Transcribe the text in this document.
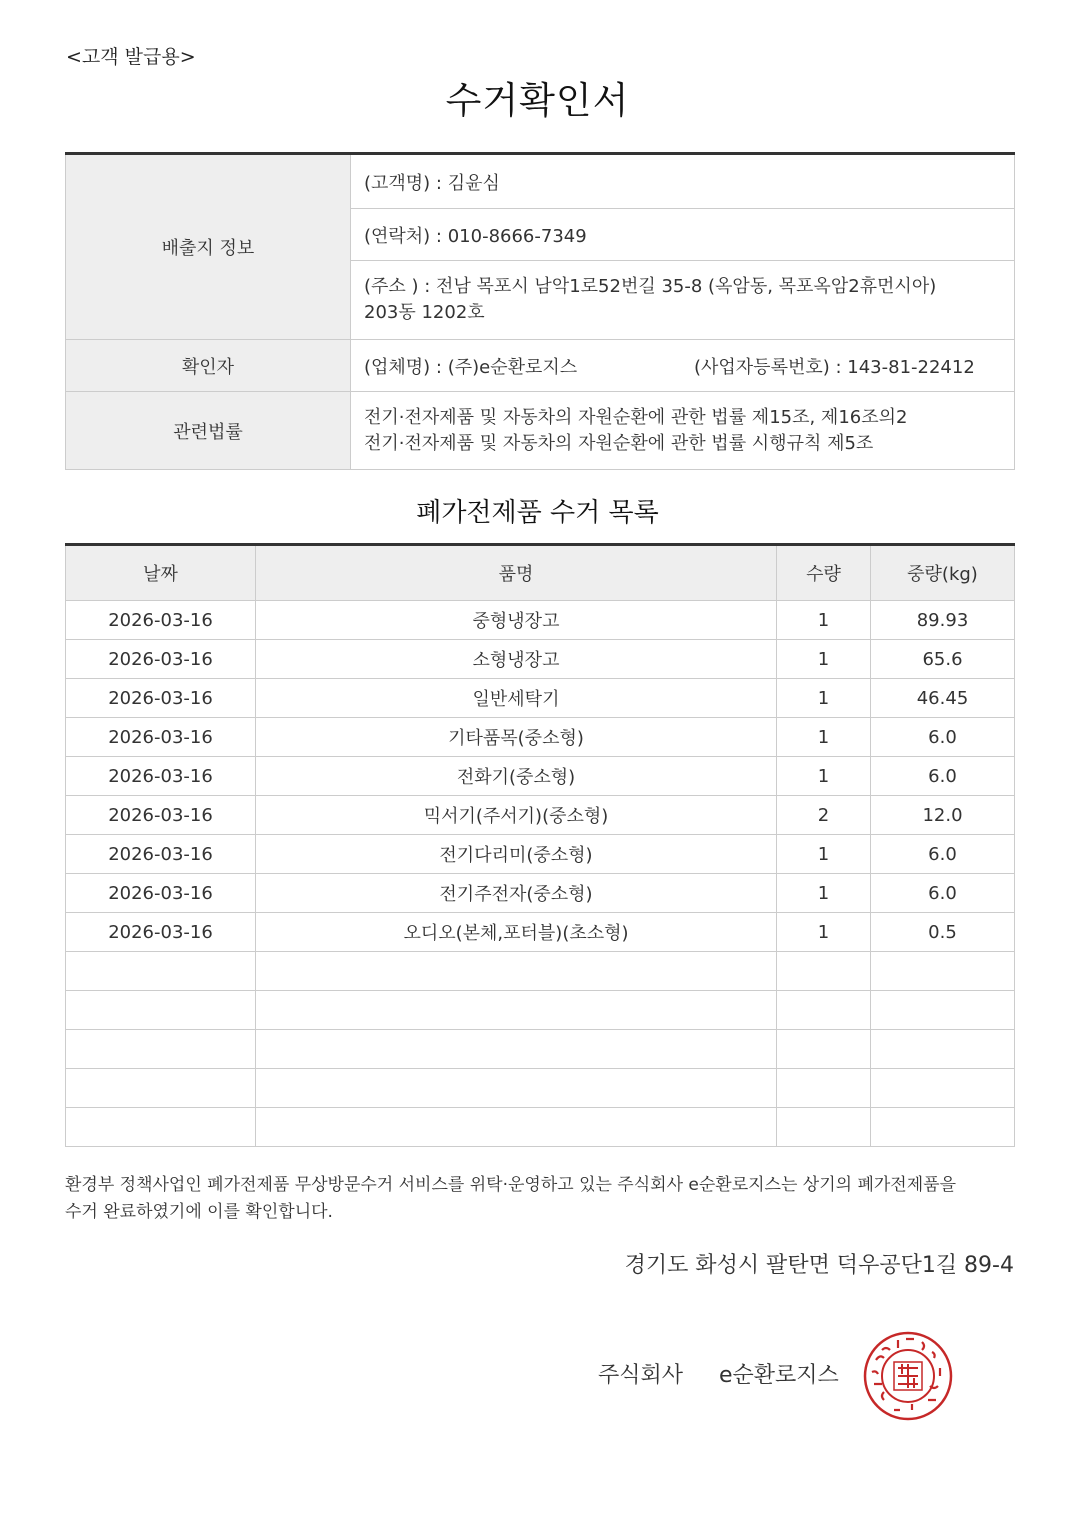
<고객 발급용>
수거확인서
배출지 정보	(고객명) : 김윤심
	(연락처) : 010-8666-7349

	(주소 ) : 전남 목포시 남악1로52번길 35-8 (옥암동, 목포옥암2휴먼시아)
203동 1202호

확인자	(업체명) : (주)e순환로지스 (사업자등록번호) : 143-81-22412

관련법률	전기·전자제품 및 자동차의 자원순환에 관한 법률 제15조, 제16조의2
전기·전자제품 및 자동차의 자원순환에 관한 법률 시행규칙 제5조
폐가전제품 수거 목록
날짜	품명	수량	중량(kg)
2026-03-16	중형냉장고	1	89.93
2026-03-16	소형냉장고	1	65.6
2026-03-16	일반세탁기	1	46.45
2026-03-16	기타품목(중소형)	1	6.0
2026-03-16	전화기(중소형)	1	6.0
2026-03-16	믹서기(주서기)(중소형)	2	12.0
2026-03-16	전기다리미(중소형)	1	6.0
2026-03-16	전기주전자(중소형)	1	6.0
2026-03-16	오디오(본체,포터블)(초소형)	1	0.5

환경부 정책사업인 폐가전제품 무상방문수거 서비스를 위탁·운영하고 있는 주식회사 e순환로지스는 상기의 폐가전제품을
수거 완료하였기에 이를 확인합니다.
경기도 화성시 팔탄면 덕우공단1길 89-4
주식회사 e순환로지스
